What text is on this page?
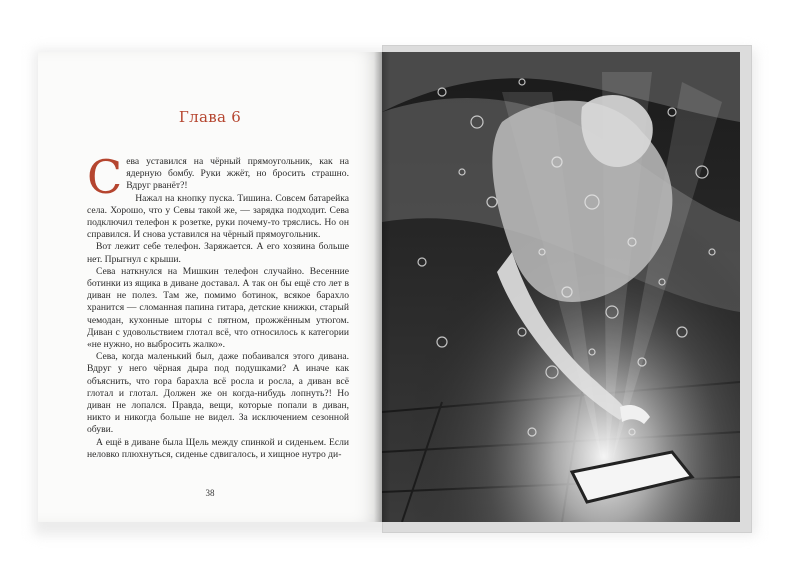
Глава 6

Сева уставился на чёрный прямоугольник, как на ядерную бомбу. Руки жжёт, но бросить страшно. Вдруг рванёт?!

Нажал на кнопку пуска. Тишина. Совсем батарейка села. Хорошо, что у Севы такой же, — зарядка подходит. Сева подключил телефон к розетке, руки почему-то тряслись. Но он справился. И снова уставился на чёрный прямоугольник.

Вот лежит себе телефон. Заряжается. А его хозяина больше нет. Прыгнул с крыши.

Сева наткнулся на Мишкин телефон случайно. Весенние ботинки из ящика в диване доставал. А так он бы ещё сто лет в диван не полез. Там же, помимо ботинок, всякое барахло хранится — сломанная папина гитара, детские книжки, старый чемодан, кухонные шторы с пятном, прожжённым утюгом. Диван с удовольствием глотал всё, что относилось к категории «не нужно, но выбросить жалко».

Сева, когда маленький был, даже побаивался этого дивана. Вдруг у него чёрная дыра под подушками? А иначе как объяснить, что гора барахла всё росла и росла, а диван всё глотал и глотал. Должен же он когда-нибудь лопнуть?! Но диван не лопался. Правда, вещи, которые попали в диван, никто и никогда больше не видел. За исключением сезонной обуви.

А ещё в диване была Щель между спинкой и сиденьем. Если неловко плюхнуться, сиденье сдвигалось, и хищное нутро ди-

38
